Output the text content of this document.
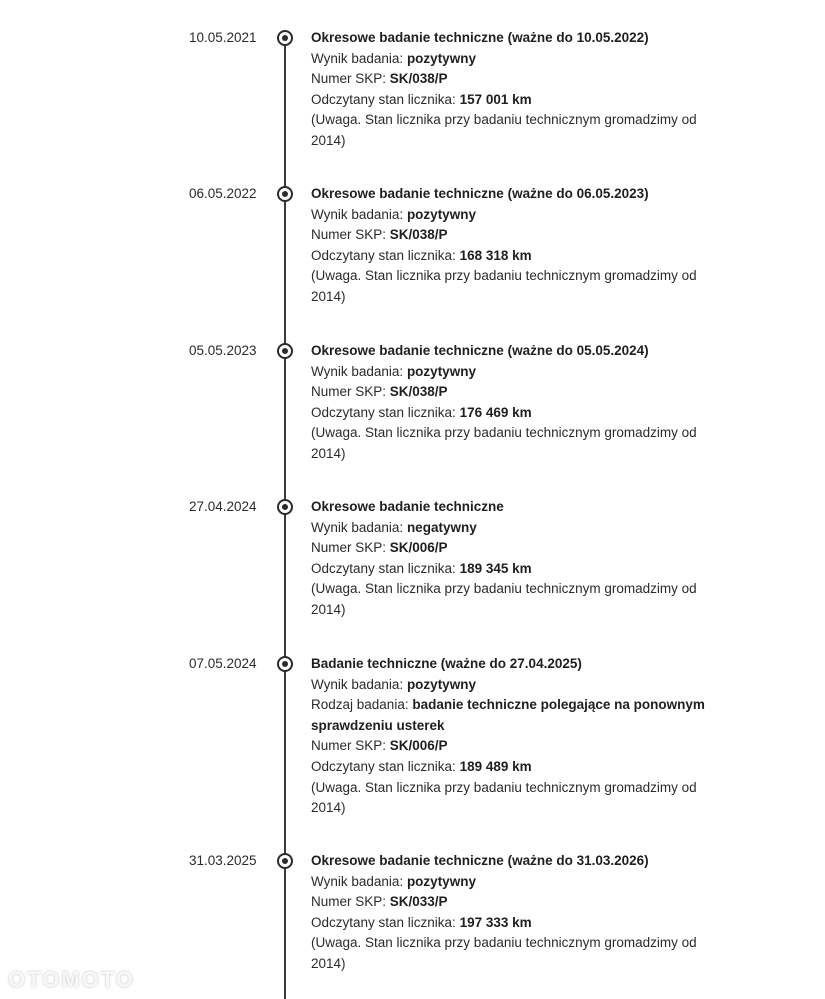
10.05.2021	Okresowe badanie techniczne (ważne do 10.05.2022)
Wynik badania: pozytywny
Numer SKP: SK/038/P
Odczytany stan licznika: 157 001 km
(Uwaga. Stan licznika przy badaniu technicznym gromadzimy od 2014)
06.05.2022	Okresowe badanie techniczne (ważne do 06.05.2023)
Wynik badania: pozytywny
Numer SKP: SK/038/P
Odczytany stan licznika: 168 318 km
(Uwaga. Stan licznika przy badaniu technicznym gromadzimy od 2014)
05.05.2023	Okresowe badanie techniczne (ważne do 05.05.2024)
Wynik badania: pozytywny
Numer SKP: SK/038/P
Odczytany stan licznika: 176 469 km
(Uwaga. Stan licznika przy badaniu technicznym gromadzimy od 2014)
27.04.2024	Okresowe badanie techniczne
Wynik badania: negatywny
Numer SKP: SK/006/P
Odczytany stan licznika: 189 345 km
(Uwaga. Stan licznika przy badaniu technicznym gromadzimy od 2014)
07.05.2024	Badanie techniczne (ważne do 27.04.2025)
Wynik badania: pozytywny
Rodzaj badania: badanie techniczne polegające na ponownym sprawdzeniu usterek
Numer SKP: SK/006/P
Odczytany stan licznika: 189 489 km
(Uwaga. Stan licznika przy badaniu technicznym gromadzimy od 2014)
31.03.2025	Okresowe badanie techniczne (ważne do 31.03.2026)
Wynik badania: pozytywny
Numer SKP: SK/033/P
Odczytany stan licznika: 197 333 km
(Uwaga. Stan licznika przy badaniu technicznym gromadzimy od 2014)
OTOMOTO
